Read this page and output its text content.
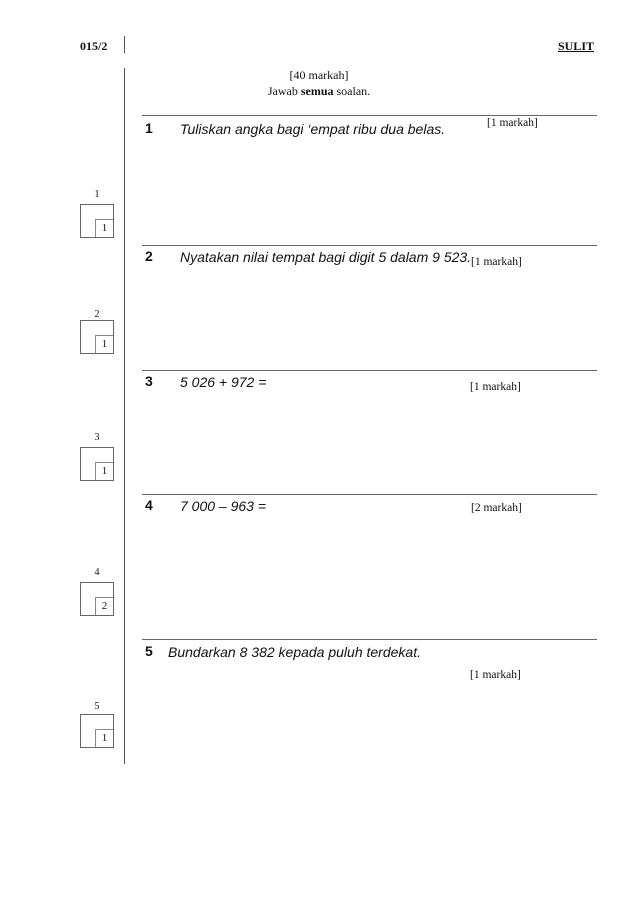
015/2	SULIT
[40 markah]
Jawab semua soalan.
1 Tuliskan angka bagi ‘empat ribu dua belas.	[1 markah]
1
1
2 Nyatakan nilai tempat bagi digit 5 dalam 9 523. [1 markah]
2
1
3 5 026 + 972 =	[1 markah]
3
1
4 7 000 – 963 =	[2 markah]
4
2
5 Bundarkan 8 382 kepada puluh terdekat.
[1 markah]
5
1
